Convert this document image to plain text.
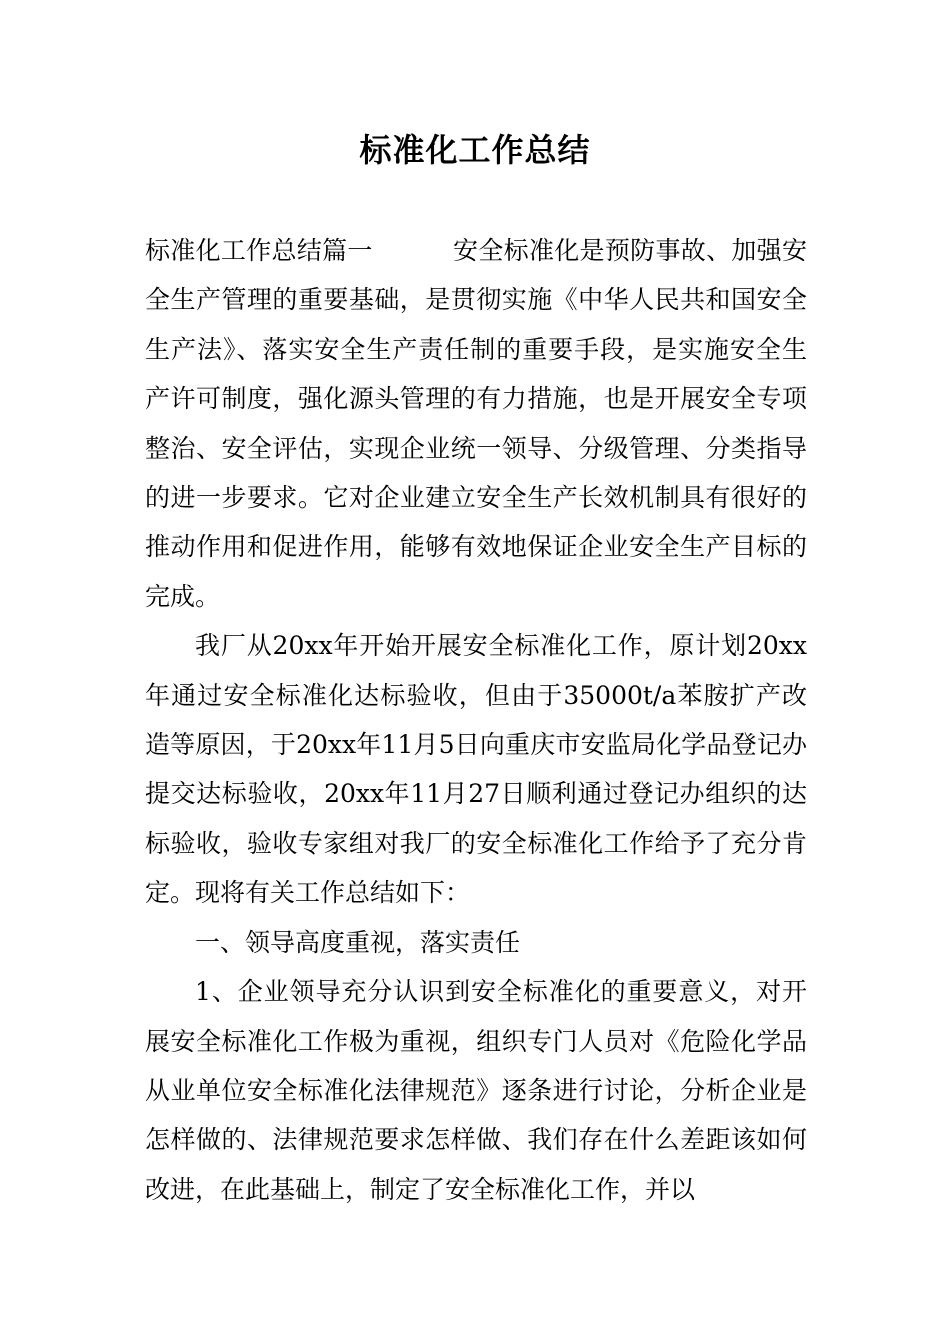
标准化工作总结

标准化工作总结篇一	安全标准化是预防事故、加强安全生产管理的重要基础，是贯彻实施《中华人民共和国安全生产法》、落实安全生产责任制的重要手段，是实施安全生产许可制度，强化源头管理的有力措施，也是开展安全专项整治、安全评估，实现企业统一领导、分级管理、分类指导的进一步要求。它对企业建立安全生产长效机制具有很好的推动作用和促进作用，能够有效地保证企业安全生产目标的完成。

我厂从20xx年开始开展安全标准化工作，原计划20xx年通过安全标准化达标验收，但由于35000t/a苯胺扩产改造等原因，于20xx年11月5日向重庆市安监局化学品登记办提交达标验收，20xx年11月27日顺利通过登记办组织的达标验收，验收专家组对我厂的安全标准化工作给予了充分肯定。现将有关工作总结如下：

一、领导高度重视，落实责任

1、企业领导充分认识到安全标准化的重要意义，对开展安全标准化工作极为重视，组织专门人员对《危险化学品从业单位安全标准化法律规范》逐条进行讨论，分析企业是怎样做的、法律规范要求怎样做、我们存在什么差距该如何改进，在此基础上，制定了安全标准化工作，并以
